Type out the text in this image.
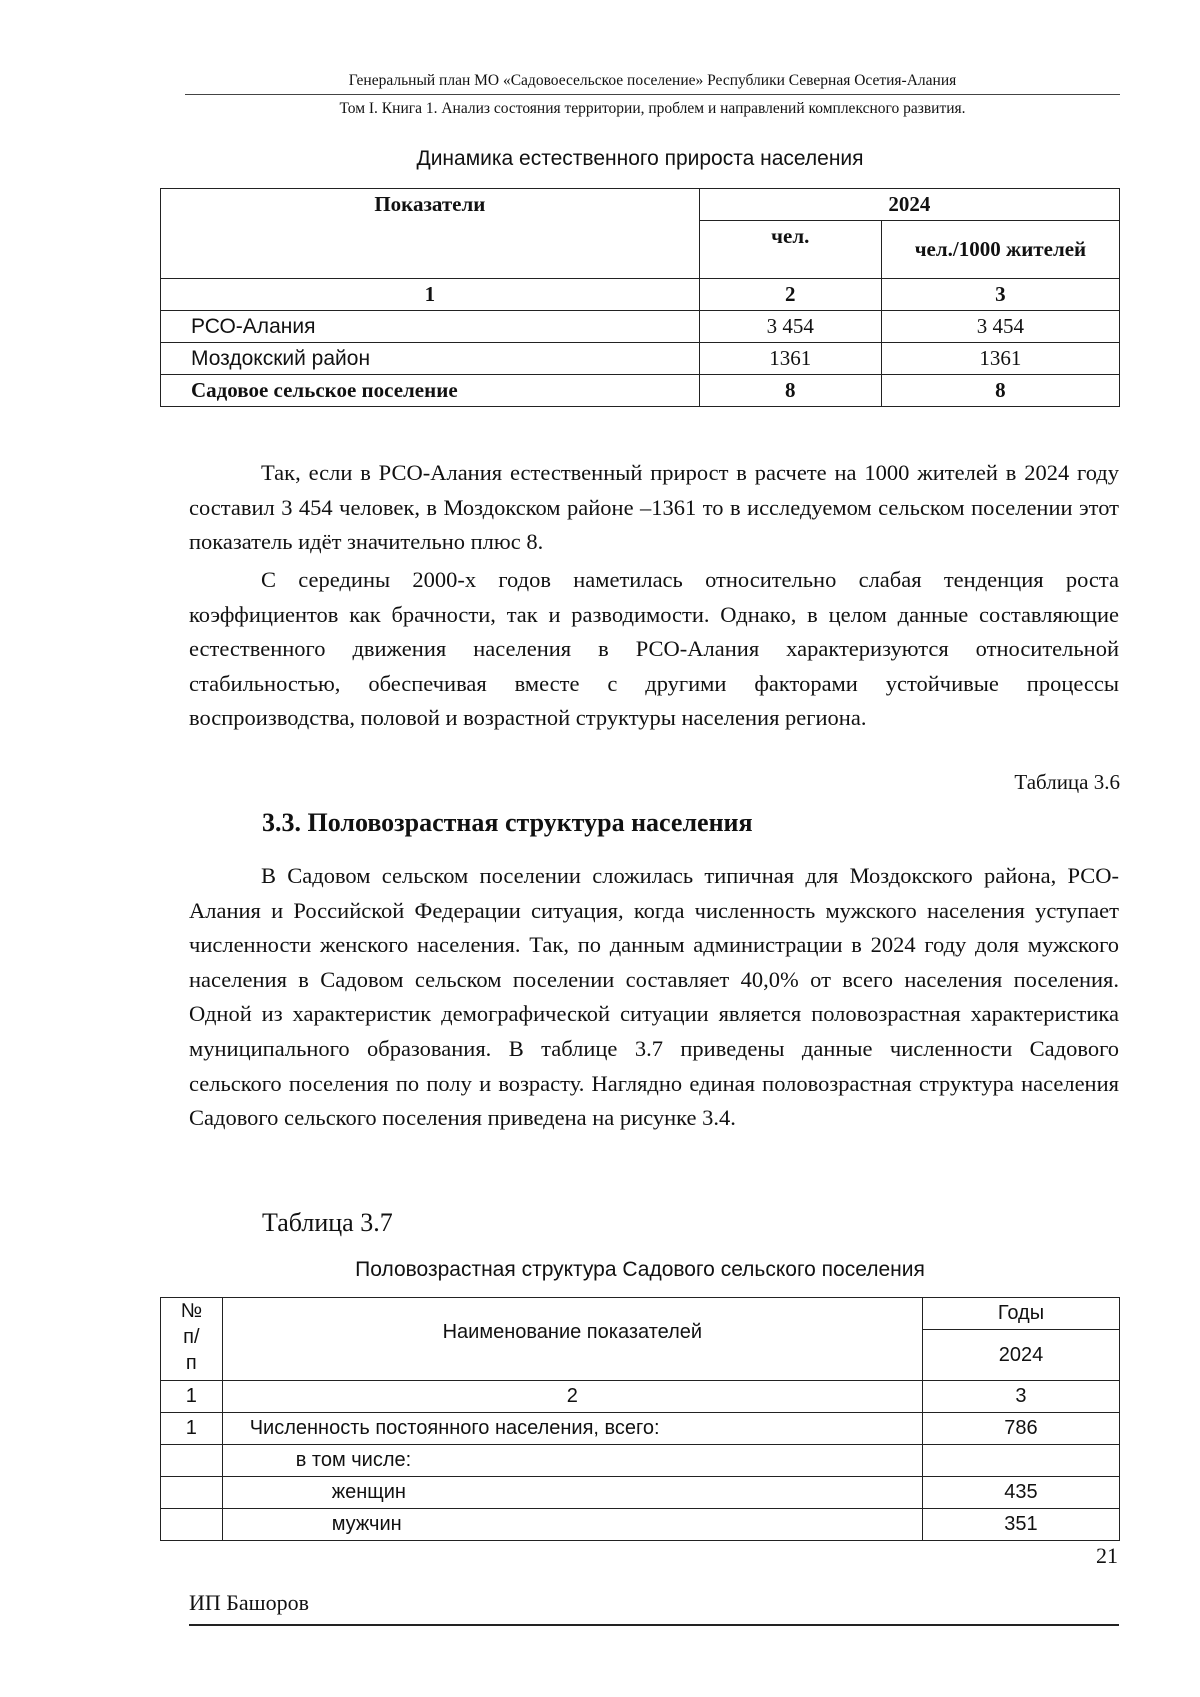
Генеральный план МО «Садовоесельское поселение» Республики Северная Осетия-Алания
Том I. Книга 1. Анализ состояния территории, проблем и направлений комплексного развития.
Динамика естественного прироста населения
Показатели	2024	
	чел.	чел./1000 жителей
1	2	3
РСО-Алания	3 454	3 454
Моздокский район	1361	1361
Садовое сельское поселение	8	8
Так, если в РСО-Алания естественный прирост в расчете на 1000 жителей в 2024 году составил 3 454 человек, в Моздокском районе –1361 то в исследуемом сельском поселении этот показатель идёт значительно плюс 8.
С середины 2000-х годов наметилась относительно слабая тенденция роста коэффициентов как брачности, так и разводимости. Однако, в целом данные составляющие естественного движения населения в РСО-Алания характеризуются относительной стабильностью, обеспечивая вместе с другими факторами устойчивые процессы воспроизводства, половой и возрастной структуры населения региона.
Таблица 3.6
3.3. Половозрастная структура населения
В Садовом сельском поселении сложилась типичная для Моздокского района, РСО-Алания и Российской Федерации ситуация, когда численность мужского населения уступает численности женского населения. Так, по данным администрации в 2024 году доля мужского населения в Садовом сельском поселении составляет 40,0% от всего населения поселения. Одной из характеристик демографической ситуации является половозрастная характеристика муниципального образования. В таблице 3.7 приведены данные численности Садового сельского поселения по полу и возрасту. Наглядно единая половозрастная структура населения Садового сельского поселения приведена на рисунке 3.4.
Таблица 3.7
Половозрастная структура Садового сельского поселения
№
п/
п	Наименование показателей	Годы
		2024
1	2	3
1	Численность постоянного населения, всего:	786
	в том числе:	
	женщин	435
	мужчин	351
21
ИП Башоров
